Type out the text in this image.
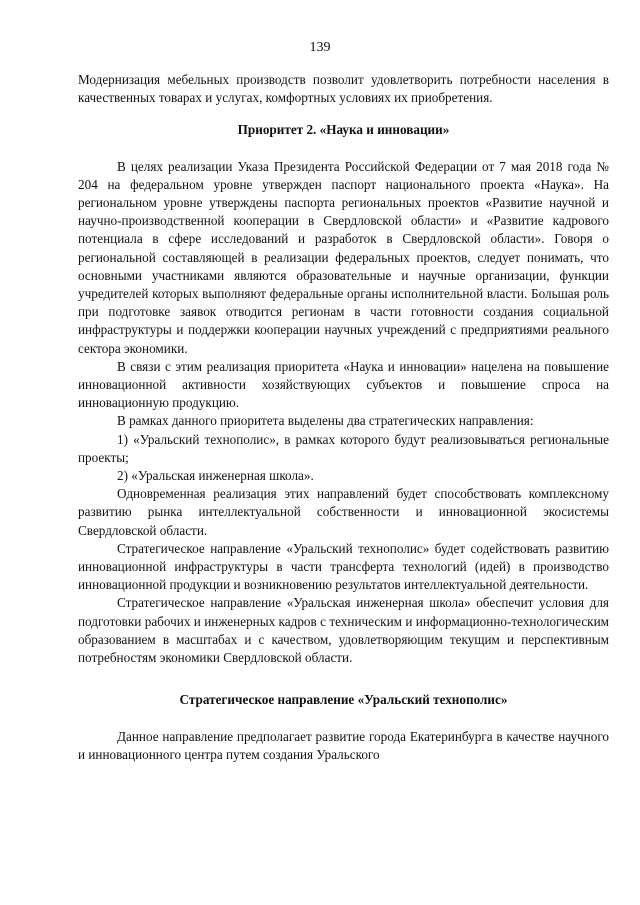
139

Модернизация мебельных производств позволит удовлетворить потребности населения в качественных товарах и услугах, комфортных условиях их приобретения.

Приоритет 2. «Наука и инновации»

В целях реализации Указа Президента Российской Федерации от 7 мая 2018 года № 204 на федеральном уровне утвержден паспорт национального проекта «Наука». На региональном уровне утверждены паспорта региональных проектов «Развитие научной и научно-производственной кооперации в Свердловской области» и «Развитие кадрового потенциала в сфере исследований и разработок в Свердловской области». Говоря о региональной составляющей в реализации федеральных проектов, следует понимать, что основными участниками являются образовательные и научные организации, функции учредителей которых выполняют федеральные органы исполнительной власти. Большая роль при подготовке заявок отводится регионам в части готовности создания социальной инфраструктуры и поддержки кооперации научных учреждений с предприятиями реального сектора экономики.

В связи с этим реализация приоритета «Наука и инновации» нацелена на повышение инновационной активности хозяйствующих субъектов и повышение спроса на инновационную продукцию.

В рамках данного приоритета выделены два стратегических направления:

1) «Уральский технополис», в рамках которого будут реализовываться региональные проекты;

2) «Уральская инженерная школа».

Одновременная реализация этих направлений будет способствовать комплексному развитию рынка интеллектуальной собственности и инновационной экосистемы Свердловской области.

Стратегическое направление «Уральский технополис» будет содействовать развитию инновационной инфраструктуры в части трансферта технологий (идей) в производство инновационной продукции и возникновению результатов интеллектуальной деятельности.

Стратегическое направление «Уральская инженерная школа» обеспечит условия для подготовки рабочих и инженерных кадров с техническим и информационно-технологическим образованием в масштабах и с качеством, удовлетворяющим текущим и перспективным потребностям экономики Свердловской области.

Стратегическое направление «Уральский технополис»

Данное направление предполагает развитие города Екатеринбурга в качестве научного и инновационного центра путем создания Уральского
